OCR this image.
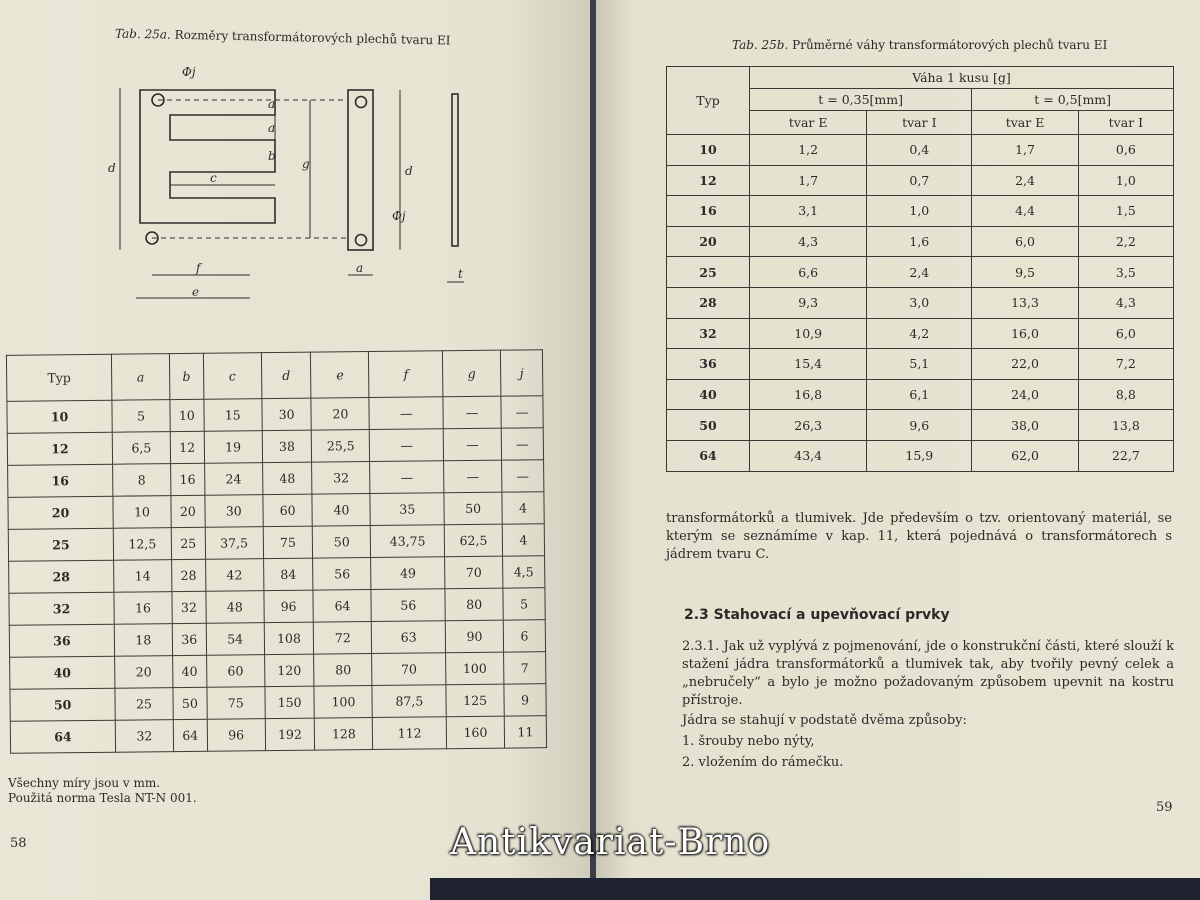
Tab. 25a. Rozměry transformátorových plechů tvaru EI
Φj
a
a
b
c
d	g	d
Φj
f
e
a	t
Typ	a	b	c	d	e	f	g	j
10	5	10	15	30	20	—	—	—
12	6,5	12	19	38	25,5	—	—	—
16	8	16	24	48	32	—	—	—
20	10	20	30	60	40	35	50	4
25	12,5	25	37,5	75	50	43,75	62,5	4
28	14	28	42	84	56	49	70	4,5
32	16	32	48	96	64	56	80	5
36	18	36	54	108	72	63	90	6
40	20	40	60	120	80	70	100	7
50	25	50	75	150	100	87,5	125	9
64	32	64	96	192	128	112	160	11
Všechny míry jsou v mm.
Použitá norma Tesla NT-N 001.
58
Tab. 25b. Průměrné váhy transformátorových plechů tvaru EI
Typ	Váha 1 kusu [g]			
	t = 0,35[mm]		t = 0,5[mm]	
	tvar E	tvar I	tvar E	tvar I
10	1,2	0,4	1,7	0,6
12	1,7	0,7	2,4	1,0
16	3,1	1,0	4,4	1,5
20	4,3	1,6	6,0	2,2
25	6,6	2,4	9,5	3,5
28	9,3	3,0	13,3	4,3
32	10,9	4,2	16,0	6,0
36	15,4	5,1	22,0	7,2
40	16,8	6,1	24,0	8,8
50	26,3	9,6	38,0	13,8
64	43,4	15,9	62,0	22,7
transformátorků a tlumivek. Jde především o tzv. orientovaný materiál, se kterým se seznámíme v kap. 11, která pojednává o transformátorech s jádrem tvaru C.
2.3 Stahovací a upevňovací prvky
2.3.1. Jak už vyplývá z pojmenování, jde o konstrukční části, které slouží k stažení jádra transformátorků a tlumivek tak, aby tvořily pevný celek a „nebručely“ a bylo je možno požadovaným způsobem upevnit na kostru přístroje.
Jádra se stahují v podstatě dvěma způsoby:
1. šrouby nebo nýty,
2. vložením do rámečku.
59
Antikvariat-Brno
